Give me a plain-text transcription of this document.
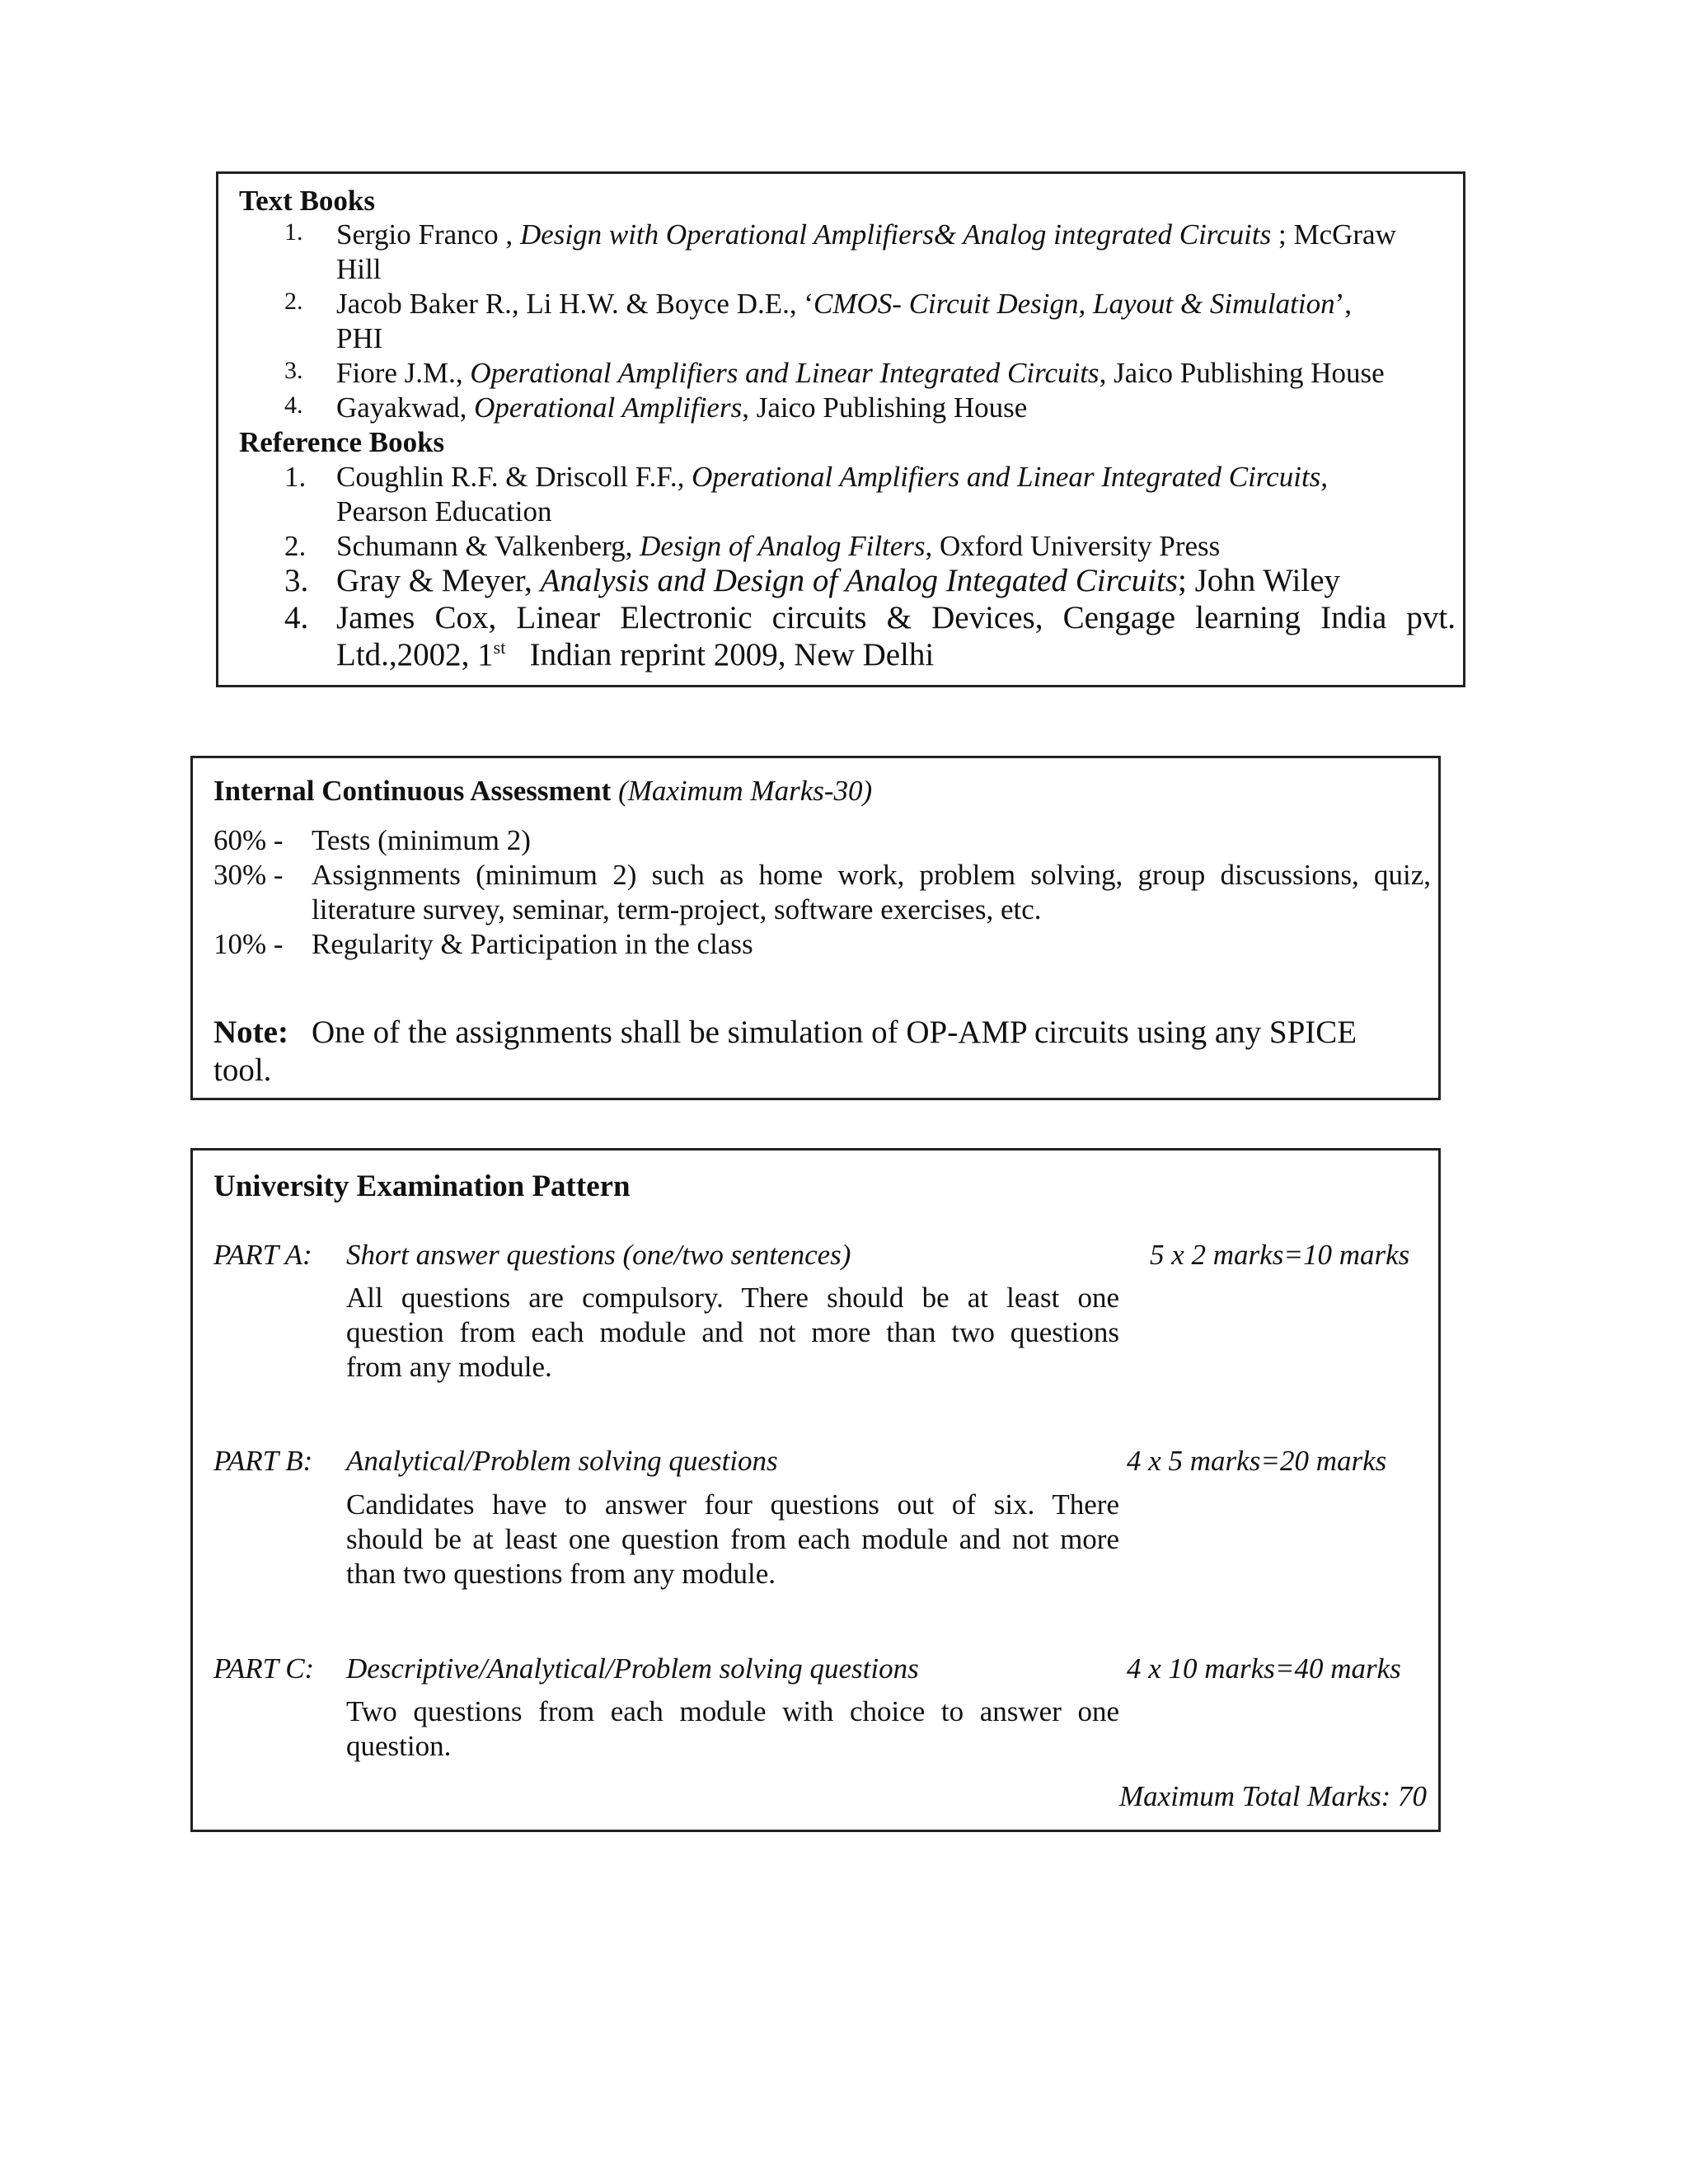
Text Books
1. Sergio Franco , Design with Operational Amplifiers& Analog integrated Circuits ; McGraw
Hill
2. Jacob Baker R., Li H.W. & Boyce D.E., ‘CMOS- Circuit Design, Layout & Simulation’,
PHI
3. Fiore J.M., Operational Amplifiers and Linear Integrated Circuits, Jaico Publishing House
4. Gayakwad, Operational Amplifiers, Jaico Publishing House
Reference Books
1. Coughlin R.F. & Driscoll F.F., Operational Amplifiers and Linear Integrated Circuits,
Pearson Education
2. Schumann & Valkenberg, Design of Analog Filters, Oxford University Press
3. Gray & Meyer, Analysis and Design of Analog Integated Circuits; John Wiley
4. James Cox, Linear Electronic circuits & Devices, Cengage learning India pvt.
Ltd.,2002, 1st Indian reprint 2009, New Delhi
Internal Continuous Assessment (Maximum Marks-30)
60% - Tests (minimum 2)
30% - Assignments (minimum 2) such as home work, problem solving, group discussions, quiz,
literature survey, seminar, term-project, software exercises, etc.
10% - Regularity & Participation in the class
Note: One of the assignments shall be simulation of OP-AMP circuits using any SPICE
tool.
University Examination Pattern
PART A: Short answer questions (one/two sentences)	5 x 2 marks=10 marks
All questions are compulsory. There should be at least one
question from each module and not more than two questions
from any module.
PART B: Analytical/Problem solving questions	4 x 5 marks=20 marks
Candidates have to answer four questions out of six. There
should be at least one question from each module and not more
than two questions from any module.
PART C: Descriptive/Analytical/Problem solving questions	4 x 10 marks=40 marks
Two questions from each module with choice to answer one
question.
Maximum Total Marks: 70
